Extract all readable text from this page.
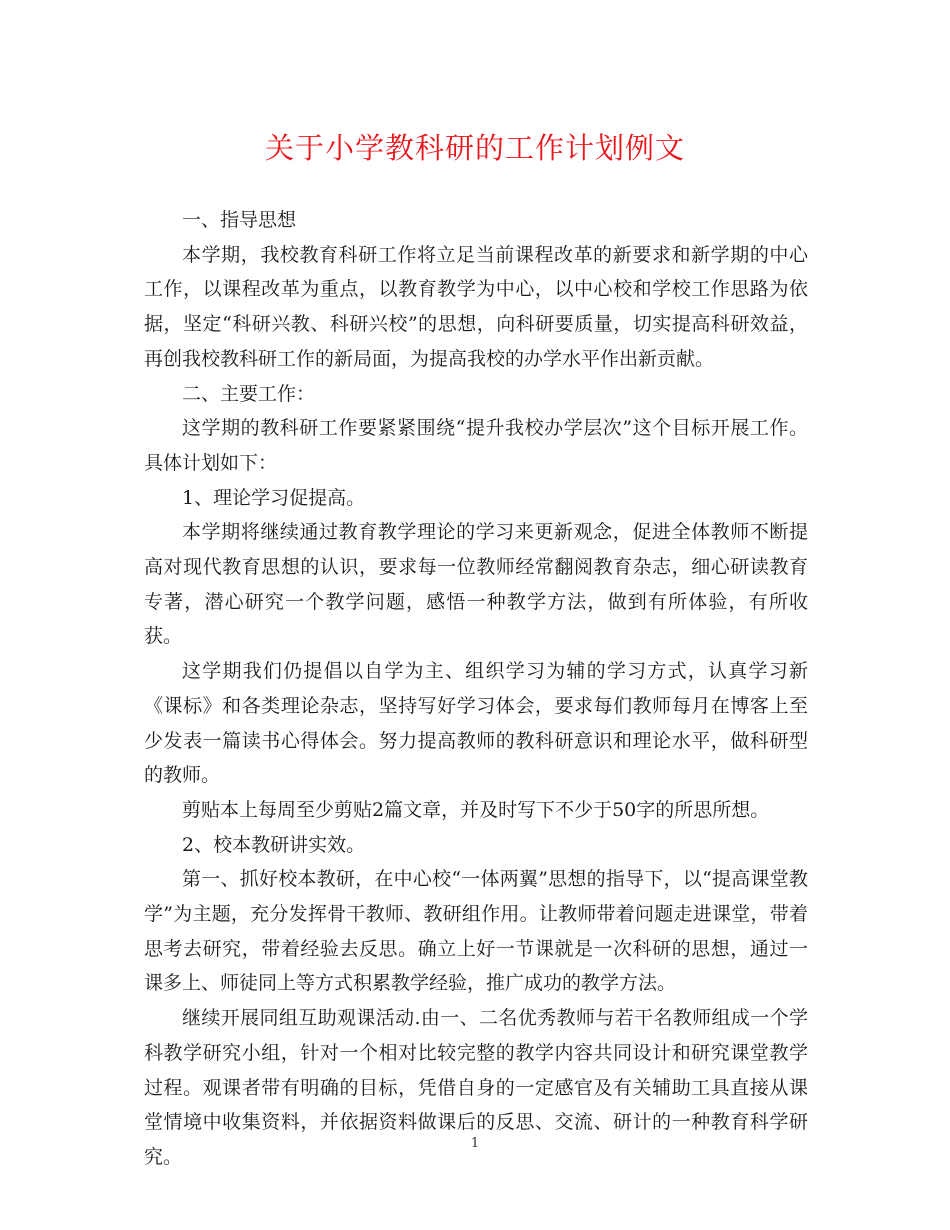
关于小学教科研的工作计划例文

一、指导思想

本学期，我校教育科研工作将立足当前课程改革的新要求和新学期的中心工作，以课程改革为重点，以教育教学为中心，以中心校和学校工作思路为依据，坚定“科研兴教、科研兴校”的思想，向科研要质量，切实提高科研效益，再创我校教科研工作的新局面，为提高我校的办学水平作出新贡献。

二、主要工作：

这学期的教科研工作要紧紧围绕“提升我校办学层次”这个目标开展工作。具体计划如下：

1、理论学习促提高。

本学期将继续通过教育教学理论的学习来更新观念，促进全体教师不断提高对现代教育思想的认识，要求每一位教师经常翻阅教育杂志，细心研读教育专著，潜心研究一个教学问题，感悟一种教学方法，做到有所体验，有所收获。

这学期我们仍提倡以自学为主、组织学习为辅的学习方式，认真学习新《课标》和各类理论杂志，坚持写好学习体会，要求每们教师每月在博客上至少发表一篇读书心得体会。努力提高教师的教科研意识和理论水平，做科研型的教师。

剪贴本上每周至少剪贴2篇文章，并及时写下不少于50字的所思所想。

2、校本教研讲实效。

第一、抓好校本教研，在中心校“一体两翼”思想的指导下，以“提高课堂教学”为主题，充分发挥骨干教师、教研组作用。让教师带着问题走进课堂，带着思考去研究，带着经验去反思。确立上好一节课就是一次科研的思想，通过一课多上、师徒同上等方式积累教学经验，推广成功的教学方法。

继续开展同组互助观课活动.由一、二名优秀教师与若干名教师组成一个学科教学研究小组，针对一个相对比较完整的教学内容共同设计和研究课堂教学过程。观课者带有明确的目标，凭借自身的一定感官及有关辅助工具直接从课堂情境中收集资料，并依据资料做课后的反思、交流、研计的一种教育科学研究。

1
